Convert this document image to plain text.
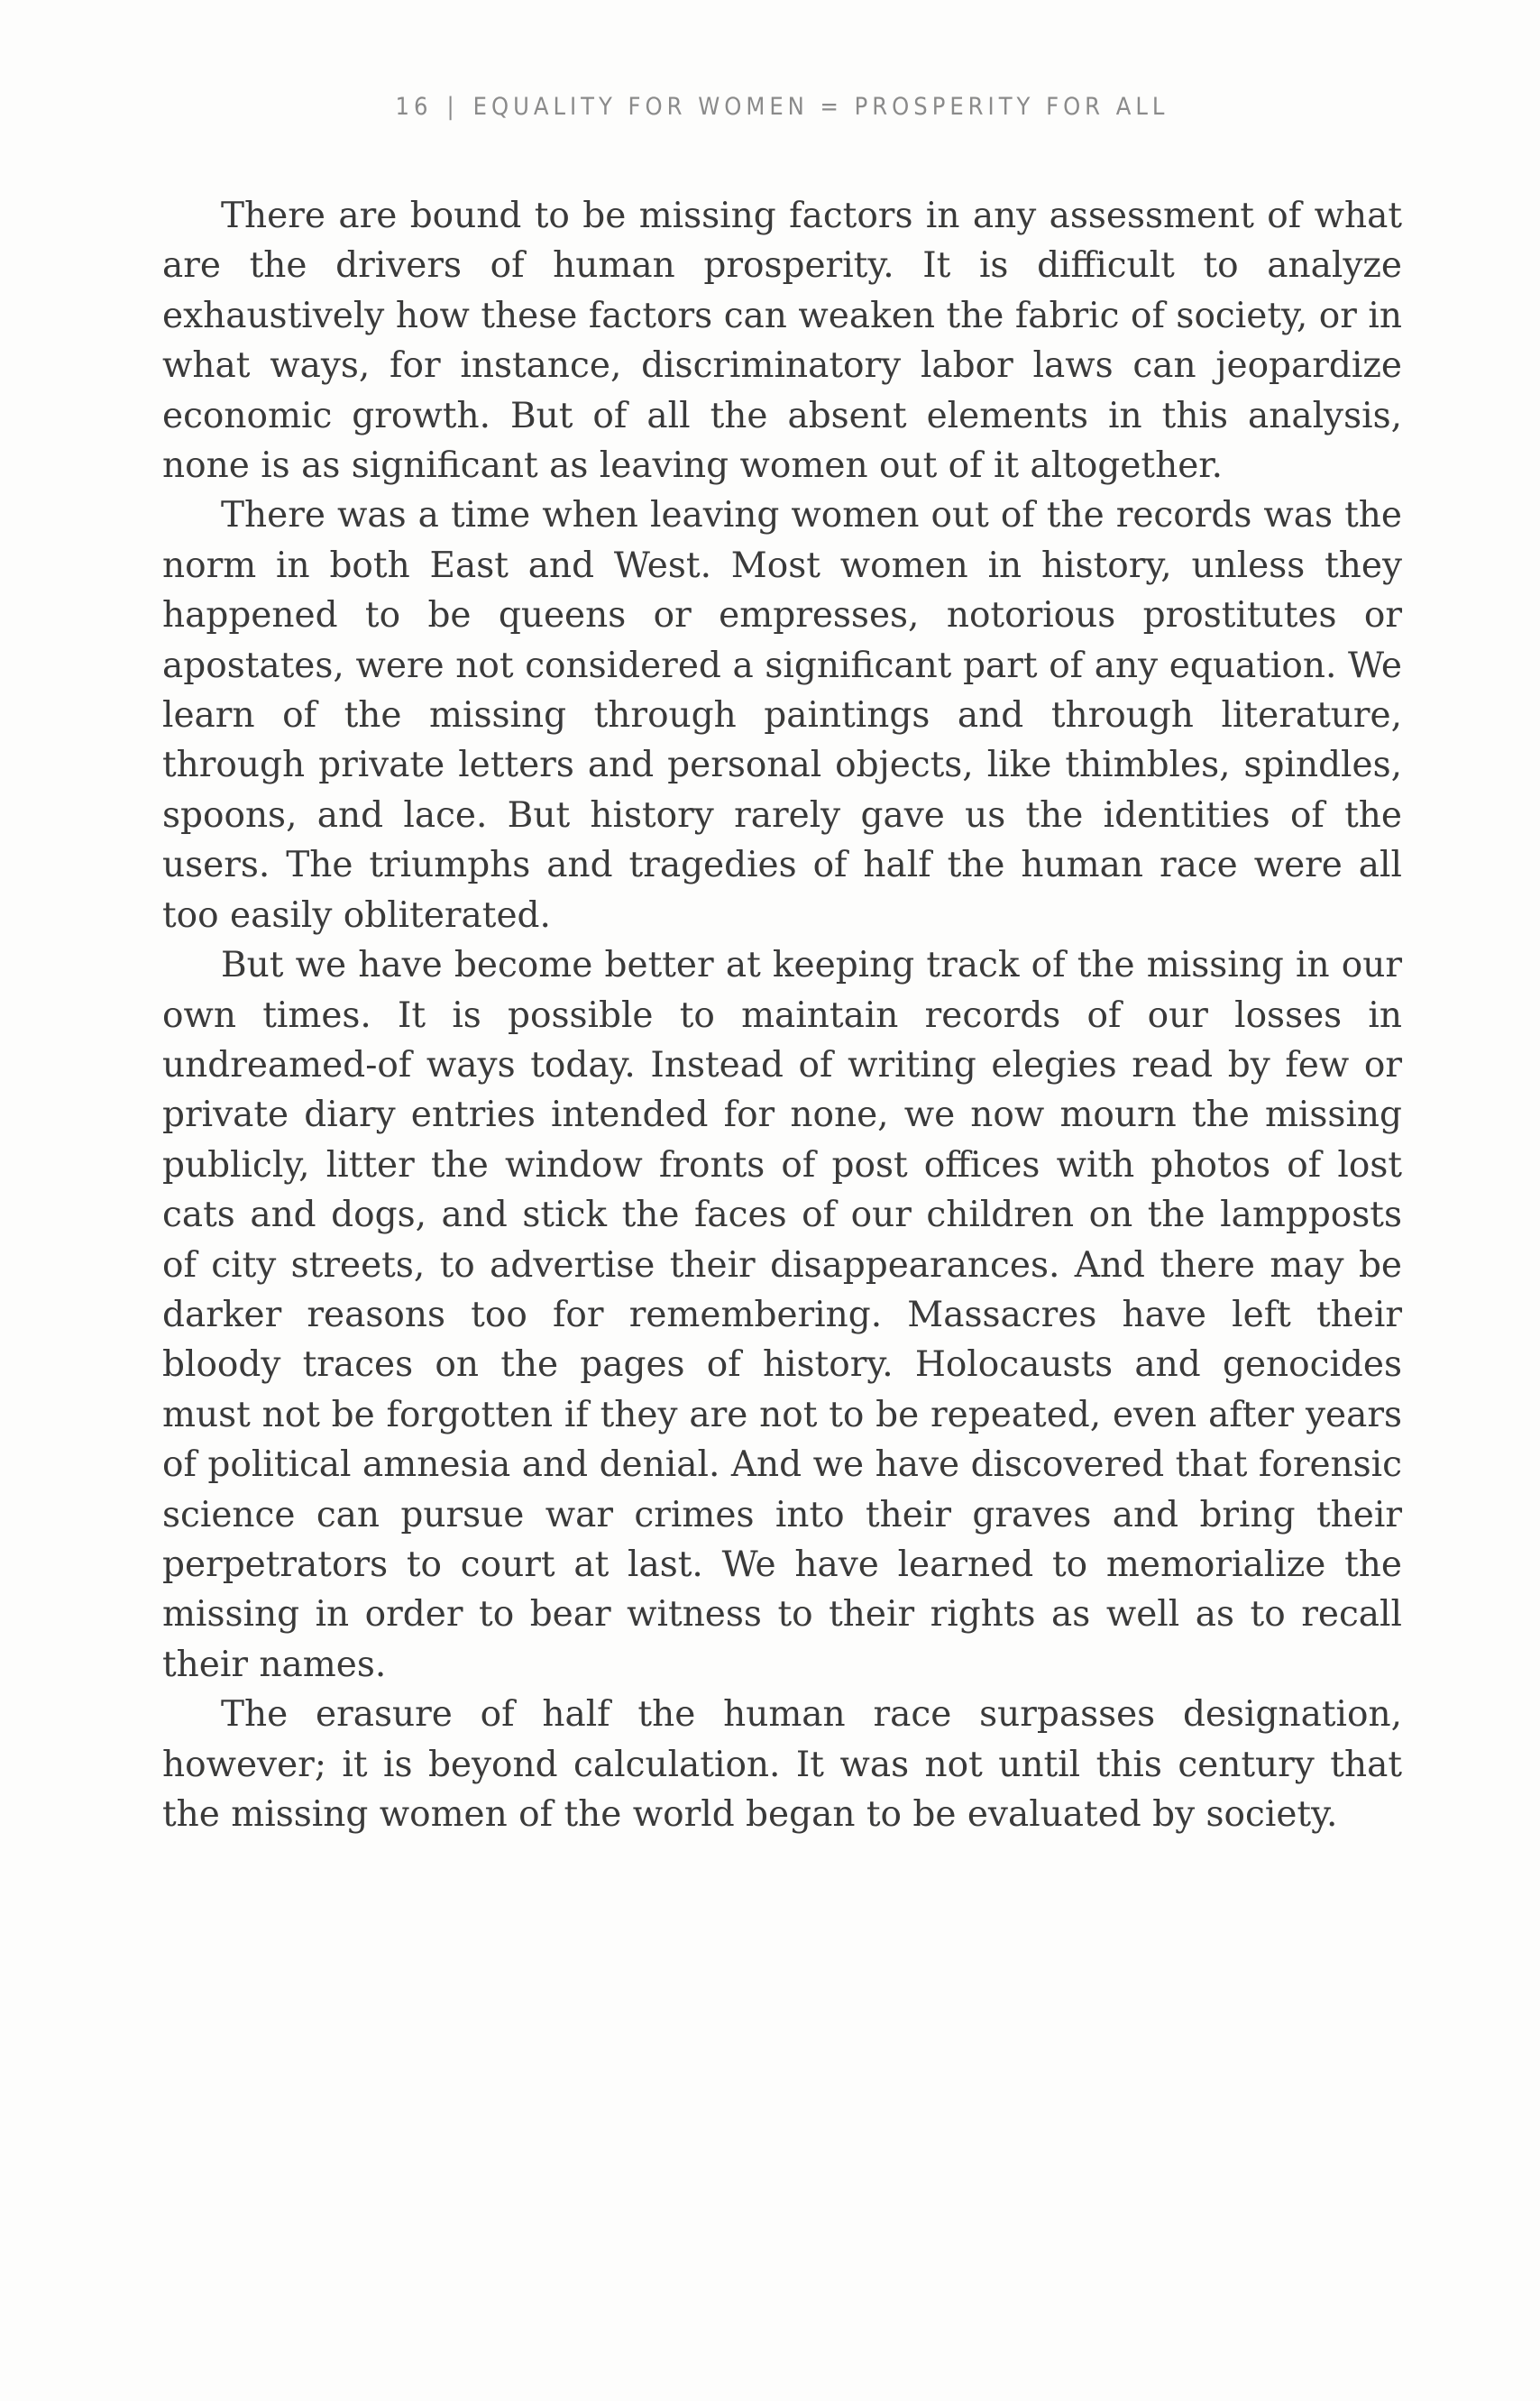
16 | EQUALITY FOR WOMEN = PROSPERITY FOR ALL

There are bound to be missing factors in any assessment of what are the drivers of human prosperity. It is difficult to analyze exhaustively how these factors can weaken the fabric of society, or in what ways, for instance, discriminatory labor laws can jeopardize economic growth. But of all the absent elements in this analysis, none is as significant as leaving women out of it altogether.

There was a time when leaving women out of the records was the norm in both East and West. Most women in history, unless they happened to be queens or empresses, notorious prostitutes or apostates, were not considered a significant part of any equation. We learn of the missing through paintings and through literature, through private letters and personal objects, like thimbles, spindles, spoons, and lace. But history rarely gave us the identities of the users. The triumphs and tragedies of half the human race were all too easily obliterated.

But we have become better at keeping track of the missing in our own times. It is possible to maintain records of our losses in undreamed-of ways today. Instead of writing elegies read by few or private diary entries intended for none, we now mourn the missing publicly, litter the window fronts of post offices with photos of lost cats and dogs, and stick the faces of our children on the lampposts of city streets, to advertise their disappearances. And there may be darker reasons too for remembering. Massacres have left their bloody traces on the pages of history. Holocausts and genocides must not be forgotten if they are not to be repeated, even after years of political amnesia and denial. And we have discovered that forensic science can pursue war crimes into their graves and bring their perpetrators to court at last. We have learned to memorialize the missing in order to bear witness to their rights as well as to recall their names.

The erasure of half the human race surpasses designation, however; it is beyond calculation. It was not until this century that the missing women of the world began to be evaluated by society.
